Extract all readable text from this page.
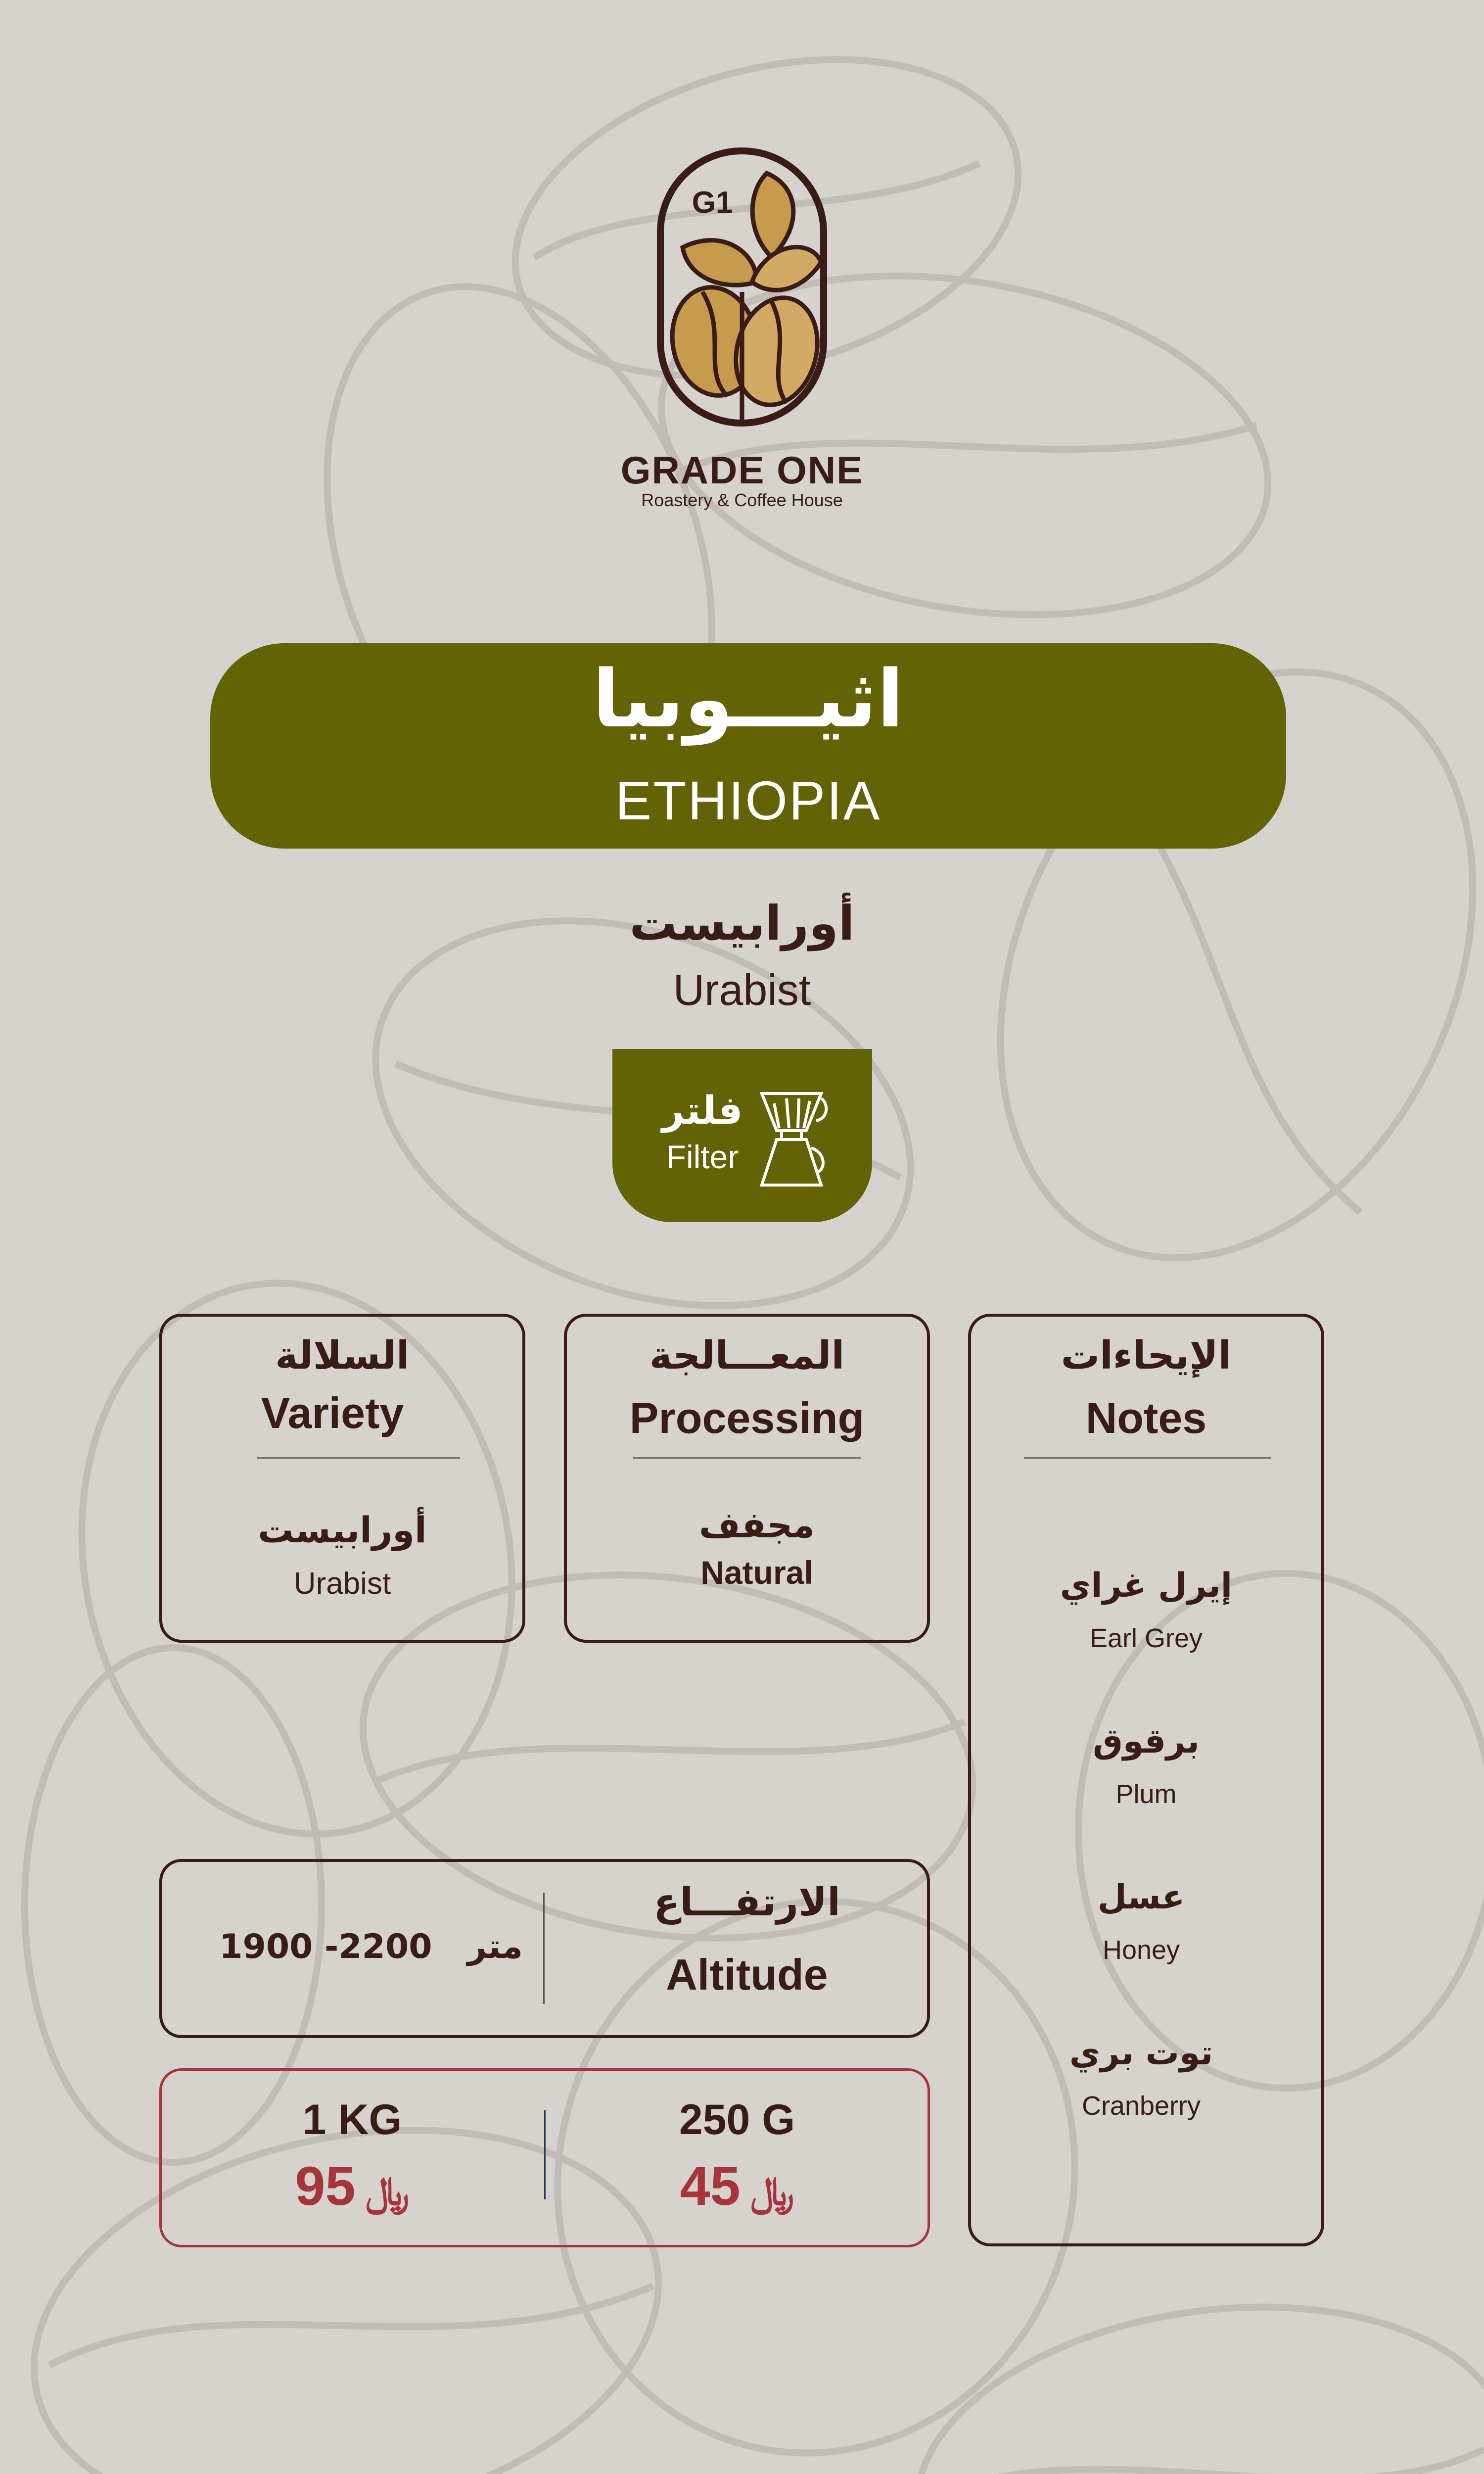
G1
GRADE ONE
Roastery & Coffee House
اثيـــوبيا
ETHIOPIA
أورابيست
Urabist
فلتر
Filter
السلالة
Variety
أورابيست
Urabist
المعـــالجة
Processing
مجفف
Natural
الإيحاءات
Notes
إيرل غراي
Earl Grey
برقوق
Plum
عسل
Honey
توت بري
Cranberry
الارتفـــاع
Altitude
متر   1900 -2200
250 G
﷼    45
1 KG
﷼    95
